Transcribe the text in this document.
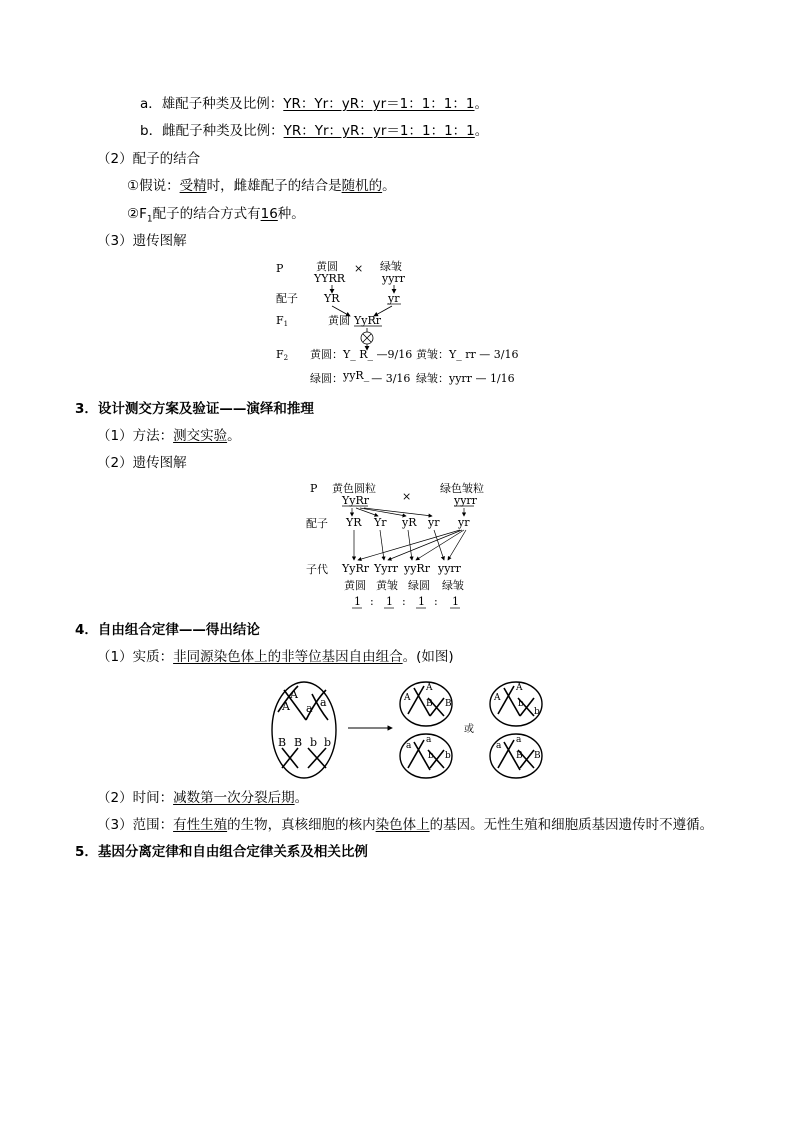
a．雄配子种类及比例：YR：Yr：yR：yr＝1：1：1：1。
b．雌配子种类及比例：YR：Yr：yR：yr＝1：1：1：1。
（2）配子的结合
①假说：受精时，雌雄配子的结合是随机的。
$②F_1$配子的结合方式有16种。
（3）遗传图解
P	黄圆 × 绿皱
YYRR	yyrr
配子 YR	yr
F1	黄圆 YyRr
F2 黄圆：Y_ R_ —9/16 黄皱：Y_ rr — 3/16
绿圆：yyR_ — 3/16 绿皱：yyrr — 1/16
3．设计测交方案及验证——演绎和推理
（1）方法：测交实验。
（2）遗传图解
P 黄色圆粒
×
绿色皱粒
YyRr	yyrr
配子 YR Yr yR yr yr
子代 YyRr Yyrr yyRr yyrr
黄圆 黄皱 绿圆 绿皱
1 : 1 : 1 : 1
4．自由组合定律——得出结论
（1）实质：非同源染色体上的非等位基因自由组合。(如图)
A
A
a a
B B b b
A
A
B B
a
a
b b
或
A
A
b
b
a
a
B B
（2）时间：减数第一次分裂后期。
（3）范围：有性生殖的生物，真核细胞的核内染色体上的基因。无性生殖和细胞质基因遗传时不遵循。
5．基因分离定律和自由组合定律关系及相关比例
